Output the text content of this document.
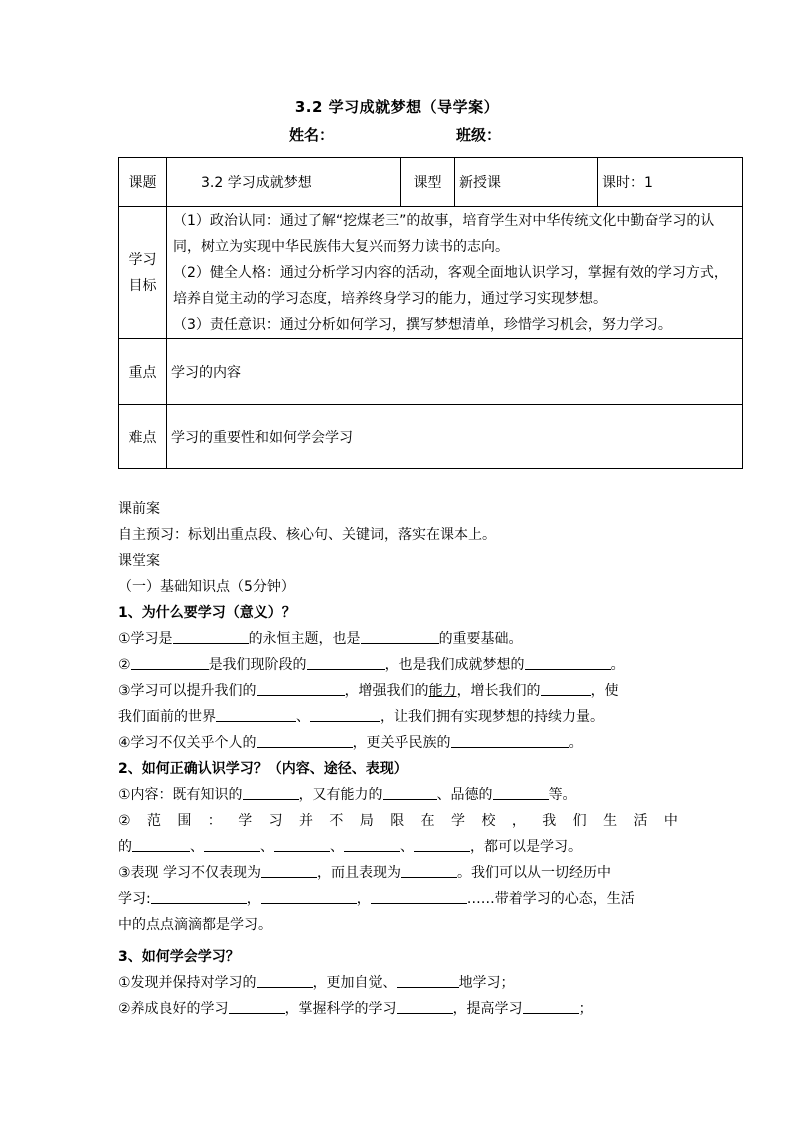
3.2 学习成就梦想（导学案）
姓名：	班级：
课题	3.2 学习成就梦想	课型	新授课	课时：1
学习目标	（1）政治认同：通过了解“挖煤老三”的故事，培育学生对中华传统文化中勤奋学习的认同，树立为实现中华民族伟大复兴而努力读书的志向。

（2）健全人格：通过分析学习内容的活动，客观全面地认识学习，掌握有效的学习方式，培养自觉主动的学习态度，培养终身学习的能力，通过学习实现梦想。

（3）责任意识：通过分析如何学习，撰写梦想清单，珍惜学习机会，努力学习。			

重点	学习的内容			
难点	学习的重要性和如何学会学习			
课前案
自主预习：标划出重点段、核心句、关键词，落实在课本上。
课堂案
（一）基础知识点（5分钟）
1、为什么要学习（意义）？
①学习是	的永恒主题，也是	的重要基础。
②	是我们现阶段的	，也是我们成就梦想的	。
③学习可以提升我们的	，增强我们的能力，增长我们的	，使
我们面前的世界	、	，让我们拥有实现梦想的持续力量。
④学习不仅关乎个人的	，更关乎民族的	。
2、如何正确认识学习？（内容、途径、表现）
①内容：既有知识的	，又有能力的	、品德的	等。
② 范 围 ： 学 习 并 不 局 限 在 学 校 ， 我 们 生 活 中
的	、	、	、	、	，都可以是学习。
③表现 学习不仅表现为	，而且表现为	。我们可以从一切经历中
学习:	，	，	……带着学习的心态，生活
中的点点滴滴都是学习。
3、如何学会学习？
①发现并保持对学习的	，更加自觉、	地学习；
②养成良好的学习	，掌握科学的学习	，提高学习	；
